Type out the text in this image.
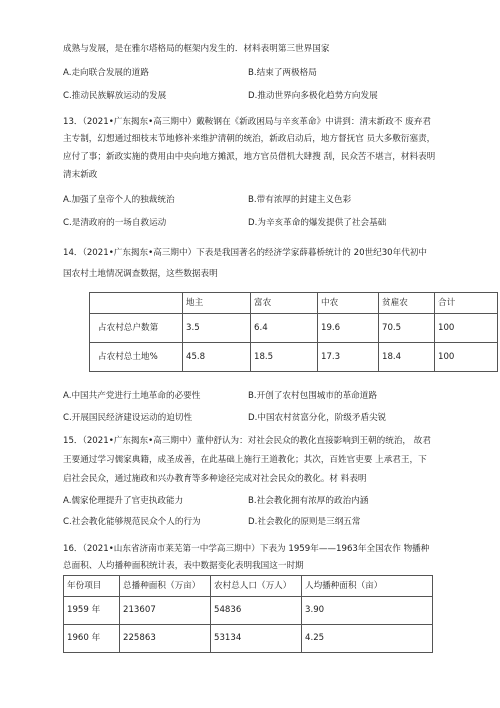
成熟与发展，是在雅尔塔格局的框架内发生的．材料表明第三世界国家
A.走向联合发展的道路	B.结束了两极格局
C.推动民族解放运动的发展	D.推动世界向多极化趋势方向发展
13．（2021•广东揭东•高三期中）戴鞍钢在《新政困局与辛亥革命》中讲到：清末新政不 废弃君
主专制，幻想通过细枝末节地修补来维护清朝的统治，新政启动后，地方督抚官 员大多敷衍塞责，
应付了事；新政实施的费用由中央向地方摊派，地方官员借机大肆搜 刮，民众苦不堪言，材料表明
清末新政
A.加强了皇帝个人的独裁统治	B.带有浓厚的封建主义色彩
C.是清政府的一场自救运动	D.为辛亥革命的爆发提供了社会基础
14．（2021•广东揭东•高三期中）下表是我国著名的经济学家薛暮桥统计的 20世纪30年代初中
国农村土地情况调查数据，这些数据表明
	地主	富农	中农	贫雇农	合计
占农村总户数第	3.5	6.4	19.6	70.5	100
占农村总土地%	45.8	18.5	17.3	18.4	100
A.中国共产党进行土地革命的必要性	B.开创了农村包围城市的革命道路
C.开展国民经济建设运动的迫切性	D.中国农村贫富分化，阶级矛盾尖锐
15．（2021•广东揭东•高三期中）董仲舒认为：对社会民众的教化直接影响到王朝的统治， 故君
王要通过学习儒家典籍，成圣成善，在此基础上施行王道教化；其次，百姓官吏要 上承君王，下
启社会民众，通过施政和兴办教育等多种途径完成对社会民众的教化。材 料表明
A.儒家伦理提升了官吏执政能力	B.社会教化拥有浓厚的政治内涵
C.社会教化能够规范民众个人的行为	D.社会教化的原则是三纲五常
16．（2021•山东省济南市莱芜第一中学高三期中）下表为 1959年——1963年全国农作 物播种
总面积、人均播种面积统计表，表中数据变化表明我国这一时期
年份项目	总播种面积（万亩）	农村总人口（万人）	人均播种面积（亩）
1959 年	213607	54836	3.90
1960 年	225863	53134	4.25
